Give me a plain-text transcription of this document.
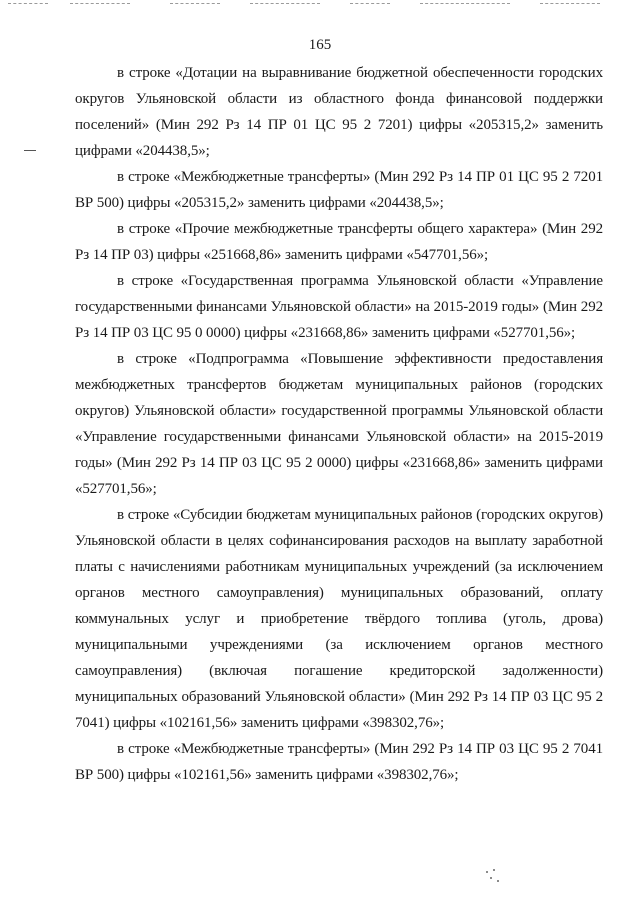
165

в строке «Дотации на выравнивание бюджетной обеспеченности городских округов Ульяновской области из областного фонда финансовой поддержки поселений» (Мин 292 Рз 14 ПР 01 ЦС 95 2 7201) цифры «205315,2» заменить цифрами «204438,5»;

в строке «Межбюджетные трансферты» (Мин 292 Рз 14 ПР 01 ЦС 95 2 7201 ВР 500) цифры «205315,2» заменить цифрами «204438,5»;

в строке «Прочие межбюджетные трансферты общего характера» (Мин 292 Рз 14 ПР 03) цифры «251668,86» заменить цифрами «547701,56»;

в строке «Государственная программа Ульяновской области «Управление государственными финансами Ульяновской области» на 2015-2019 годы» (Мин 292 Рз 14 ПР 03 ЦС 95 0 0000) цифры «231668,86» заменить цифрами «527701,56»;

в строке «Подпрограмма «Повышение эффективности предоставления межбюджетных трансфертов бюджетам муниципальных районов (городских округов) Ульяновской области» государственной программы Ульяновской области «Управление государственными финансами Ульяновской области» на 2015-2019 годы» (Мин 292 Рз 14 ПР 03 ЦС 95 2 0000) цифры «231668,86» заменить цифрами «527701,56»;

в строке «Субсидии бюджетам муниципальных районов (городских округов) Ульяновской области в целях софинансирования расходов на выплату заработной платы с начислениями работникам муниципальных учреждений (за исключением органов местного самоуправления) муниципальных образований, оплату коммунальных услуг и приобретение твёрдого топлива (уголь, дрова) муниципальными учреждениями (за исключением органов местного самоуправления) (включая погашение кредиторской задолженности) муниципальных образований Ульяновской области» (Мин 292 Рз 14 ПР 03 ЦС 95 2 7041) цифры «102161,56» заменить цифрами «398302,76»;

в строке «Межбюджетные трансферты» (Мин 292 Рз 14 ПР 03 ЦС 95 2 7041 ВР 500) цифры «102161,56» заменить цифрами «398302,76»;
